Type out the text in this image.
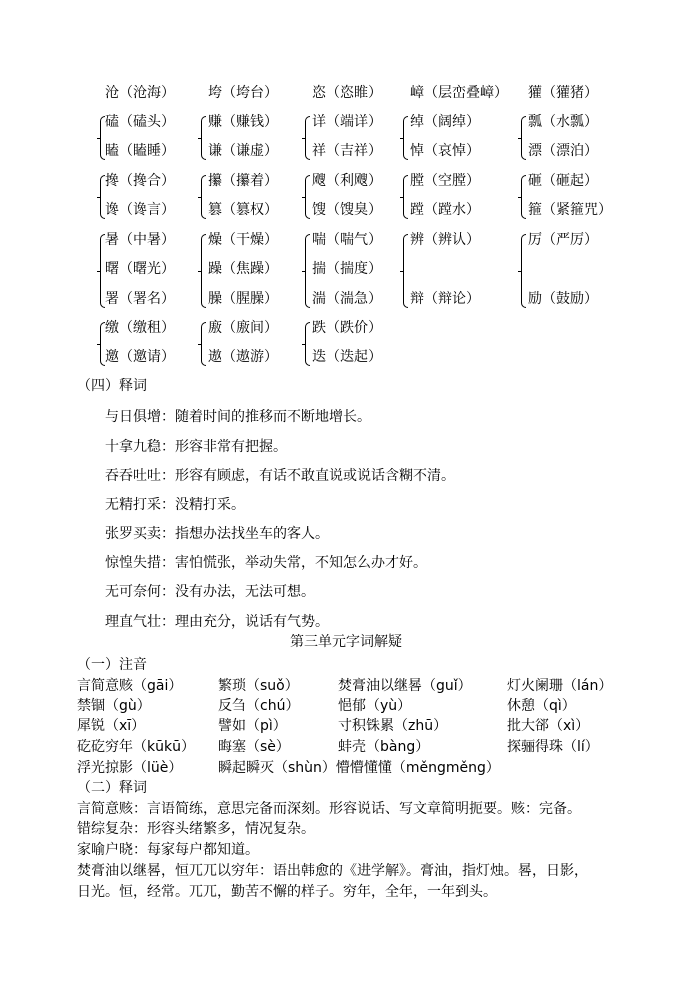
沧（沧海） 垮（垮台） 恣（恣睢） 嶂（层峦叠嶂） 獾（獾猪）
磕（磕头） 赚（赚钱） 详（端详） 绰（阔绰）	瓢（水瓢）
瞌（瞌睡） 谦（谦虚） 祥（吉祥） 悼（哀悼）	漂（漂泊）
搀（搀合） 攥（攥着） 飕（利飕） 膛（空膛）	砸（砸起）
谗（谗言） 篡（篡权） 馊（馊臭） 蹚（蹚水）	箍（紧箍咒）
暑（中暑） 燥（干燥） 喘（喘气） 辨（辨认）	厉（严厉）
曙（曙光） 躁（焦躁） 揣（揣度）
署（署名） 臊（腥臊） 湍（湍急） 辩（辩论）	励（鼓励）
缴（缴租） 廒（廒间） 跌（跌价）
邀（邀请） 遨（遨游） 迭（迭起）
（四）释词
与日俱增：随着时间的推移而不断地增长。
十拿九稳：形容非常有把握。
吞吞吐吐：形容有顾虑，有话不敢直说或说话含糊不清。
无精打采：没精打采。
张罗买卖：指想办法找坐车的客人。
惊惶失措：害怕慌张，举动失常，不知怎么办才好。
无可奈何：没有办法，无法可想。
理直气壮：理由充分，说话有气势。
第三单元字词解疑
（一）注音
言简意赅（gāi）	繁琐（suǒ）	焚膏油以继晷（guǐ）	灯火阑珊（lán）
禁锢（gù）	反刍（chú）	悒郁（yù）	休憩（qì）
犀锐（xī）	譬如（pì）	寸积铢累（zhū）	批大郤（xì）
矻矻穷年（kūkū） 晦塞（sè）	蚌壳（bàng）	探骊得珠（lí）
浮光掠影（lüè）	瞬起瞬灭（shùn）懵懵懂懂（měngměng）
（二）释词
言简意赅：言语简练，意思完备而深刻。形容说话、写文章简明扼要。赅：完备。
错综复杂：形容头绪繁多，情况复杂。
家喻户晓：每家每户都知道。
焚膏油以继晷，恒兀兀以穷年：语出韩愈的《进学解》。膏油，指灯烛。晷，日影，
日光。恒，经常。兀兀，勤苦不懈的样子。穷年，全年，一年到头。
